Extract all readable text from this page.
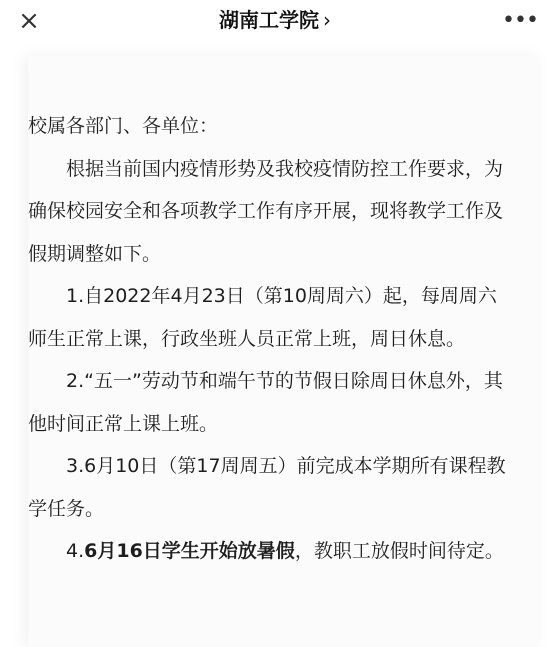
×	湖南工学院 ›	•••

校属各部门、各单位：

根据当前国内疫情形势及我校疫情防控工作要求，为确保校园安全和各项教学工作有序开展，现将教学工作及假期调整如下。

1.自2022年4月23日（第10周周六）起，每周周六师生正常上课，行政坐班人员正常上班，周日休息。

2.“五一”劳动节和端午节的节假日除周日休息外，其他时间正常上课上班。

3.6月10日（第17周周五）前完成本学期所有课程教学任务。

4.6月16日学生开始放暑假，教职工放假时间待定。
